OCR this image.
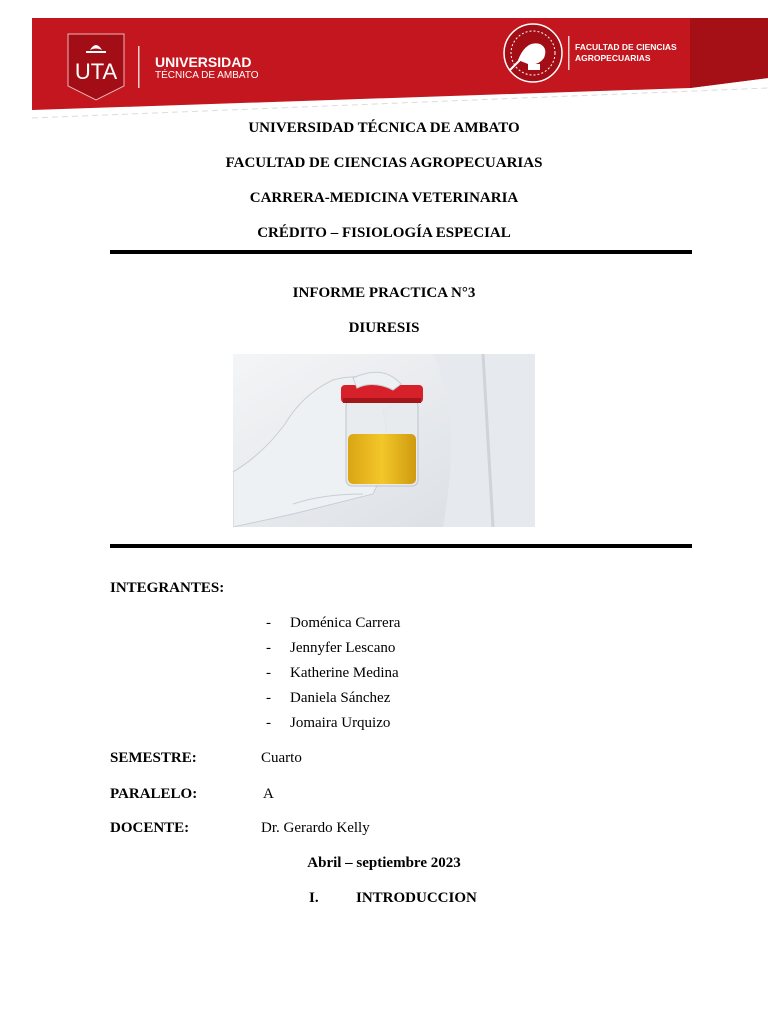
UTA	UNIVERSIDAD
TÉCNICA DE AMBATO
FACULTAD DE CIENCIAS
AGROPECUARIAS
UNIVERSIDAD TÉCNICA DE AMBATO
FACULTAD DE CIENCIAS AGROPECUARIAS
CARRERA-MEDICINA VETERINARIA
CRÉDITO – FISIOLOGÍA ESPECIAL
INFORME PRACTICA N°3
DIURESIS
INTEGRANTES:
- Doménica Carrera
- Jennyfer Lescano
- Katherine Medina
- Daniela Sánchez
- Jomaira Urquizo
SEMESTRE:	Cuarto
PARALELO:	A
DOCENTE:	Dr. Gerardo Kelly
Abril – septiembre 2023
I. INTRODUCCION
